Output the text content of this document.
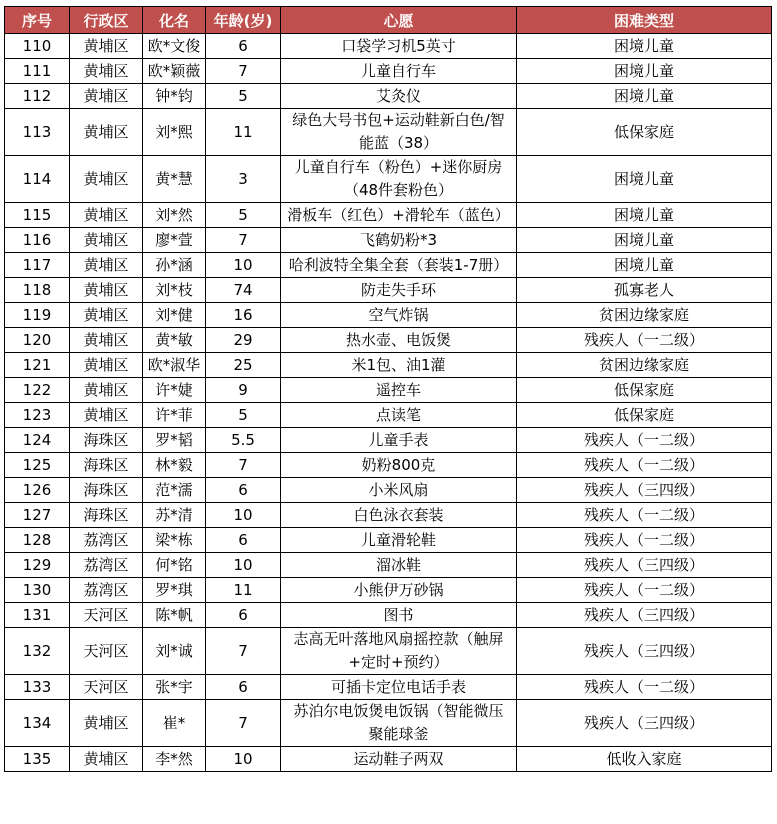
序号	行政区	化名	年龄(岁)	心愿	困难类型
110	黄埔区	欧*文俊	6	口袋学习机5英寸	困境儿童
111	黄埔区	欧*颖薇	7	儿童自行车	困境儿童
112	黄埔区	钟*钧	5	艾灸仪	困境儿童
113	黄埔区	刘*熙	11	绿色大号书包+运动鞋新白色/智能蓝（38）	低保家庭
114	黄埔区	黄*慧	3	儿童自行车（粉色）+迷你厨房（48件套粉色）	困境儿童
115	黄埔区	刘*然	5	滑板车（红色）+滑轮车（蓝色）	困境儿童
116	黄埔区	廖*萱	7	飞鹤奶粉*3	困境儿童
117	黄埔区	孙*涵	10	哈利波特全集全套（套装1-7册）	困境儿童
118	黄埔区	刘*枝	74	防走失手环	孤寡老人
119	黄埔区	刘*健	16	空气炸锅	贫困边缘家庭
120	黄埔区	黄*敏	29	热水壶、电饭煲	残疾人（一二级）
121	黄埔区	欧*淑华	25	米1包、油1灌	贫困边缘家庭
122	黄埔区	许*婕	9	遥控车	低保家庭
123	黄埔区	许*菲	5	点读笔	低保家庭
124	海珠区	罗*韬	5.5	儿童手表	残疾人（一二级）
125	海珠区	林*毅	7	奶粉800克	残疾人（一二级）
126	海珠区	范*濡	6	小米风扇	残疾人（三四级）
127	海珠区	苏*清	10	白色泳衣套装	残疾人（一二级）
128	荔湾区	梁*栋	6	儿童滑轮鞋	残疾人（一二级）
129	荔湾区	何*铭	10	溜冰鞋	残疾人（三四级）
130	荔湾区	罗*琪	11	小熊伊万砂锅	残疾人（一二级）
131	天河区	陈*帆	6	图书	残疾人（三四级）
132	天河区	刘*诚	7	志高无叶落地风扇摇控款（触屏+定时+预约）	残疾人（三四级）
133	天河区	张*宇	6	可插卡定位电话手表	残疾人（一二级）
134	黄埔区	崔*	7	苏泊尔电饭煲电饭锅（智能微压聚能球釜	残疾人（三四级）
135	黄埔区	李*然	10	运动鞋子两双	低收入家庭
